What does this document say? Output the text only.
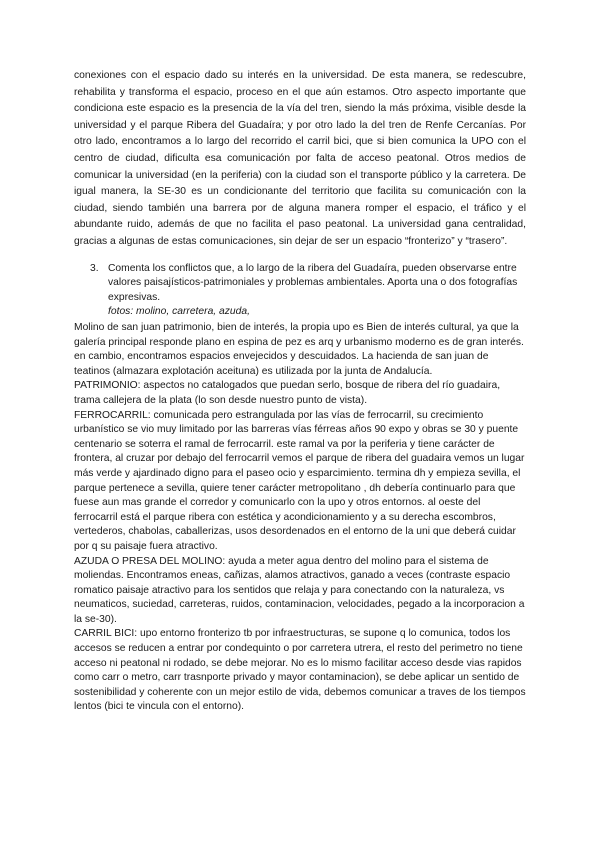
conexiones con el espacio dado su interés en la universidad. De esta manera, se redescubre, rehabilita y transforma el espacio, proceso en el que aún estamos. Otro aspecto importante que condiciona este espacio es la presencia de la vía del tren, siendo la más próxima, visible desde la universidad y el parque Ribera del Guadaíra; y por otro lado la del tren de Renfe Cercanías. Por otro lado, encontramos a lo largo del recorrido el carril bici, que si bien comunica la UPO con el centro de ciudad, dificulta esa comunicación por falta de acceso peatonal. Otros medios de comunicar la universidad (en la periferia) con la ciudad son el transporte público y la carretera. De igual manera, la SE-30 es un condicionante del territorio que facilita su comunicación con la ciudad, siendo también una barrera por de alguna manera romper el espacio, el tráfico y el abundante ruido, además de que no facilita el paso peatonal. La universidad gana centralidad, gracias a algunas de estas comunicaciones, sin dejar de ser un espacio “fronterizo” y “trasero”.

3. Comenta los conflictos que, a lo largo de la ribera del Guadaíra, pueden observarse entre valores paisajísticos-patrimoniales y problemas ambientales. Aporta una o dos fotografías expresivas.
fotos: molino, carretera, azuda,

Molino de san juan patrimonio, bien de interés, la propia upo es Bien de interés cultural, ya que la galería principal responde plano en espina de pez es arq y urbanismo moderno es de gran interés. en cambio, encontramos espacios envejecidos y descuidados. La hacienda de san juan de teatinos (almazara explotación aceituna) es utilizada por la junta de Andalucía.

PATRIMONIO: aspectos no catalogados que puedan serlo, bosque de ribera del río guadaira, trama callejera de la plata (lo son desde nuestro punto de vista).

FERROCARRIL: comunicada pero estrangulada por las vías de ferrocarril, su crecimiento urbanístico se vio muy limitado por las barreras vías férreas años 90 expo y obras se 30 y puente centenario se soterra el ramal de ferrocarril. este ramal va por la periferia y tiene carácter de frontera, al cruzar por debajo del ferrocarril vemos el parque de ribera del guadaira vemos un lugar más verde y ajardinado digno para el paseo ocio y esparcimiento. termina dh y empieza sevilla, el parque pertenece a sevilla, quiere tener carácter metropolitano , dh debería continuarlo para que fuese aun mas grande el corredor y comunicarlo con la upo y otros entornos. al oeste del ferrocarril está el parque ribera con estética y acondicionamiento y a su derecha escombros, vertederos, chabolas, caballerizas, usos desordenados en el entorno de la uni que deberá cuidar por q su paisaje fuera atractivo.

AZUDA O PRESA DEL MOLINO: ayuda a meter agua dentro del molino para el sistema de moliendas. Encontramos eneas, cañizas, alamos atractivos, ganado a veces (contraste espacio romatico paisaje atractivo para los sentidos que relaja y para conectando con la naturaleza, vs neumaticos, suciedad, carreteras, ruidos, contaminacion, velocidades, pegado a la incorporacion a la se-30).

CARRIL BICI: upo entorno fronterizo tb por infraestructuras, se supone q lo comunica, todos los accesos se reducen a entrar por condequinto o por carretera utrera, el resto del perimetro no tiene acceso ni peatonal ni rodado, se debe mejorar. No es lo mismo facilitar acceso desde vias rapidos como carr o metro, carr trasnporte privado y mayor contaminacion), se debe aplicar un sentido de sostenibilidad y coherente con un mejor estilo de vida, debemos comunicar a traves de los tiempos lentos (bici te vincula con el entorno).
